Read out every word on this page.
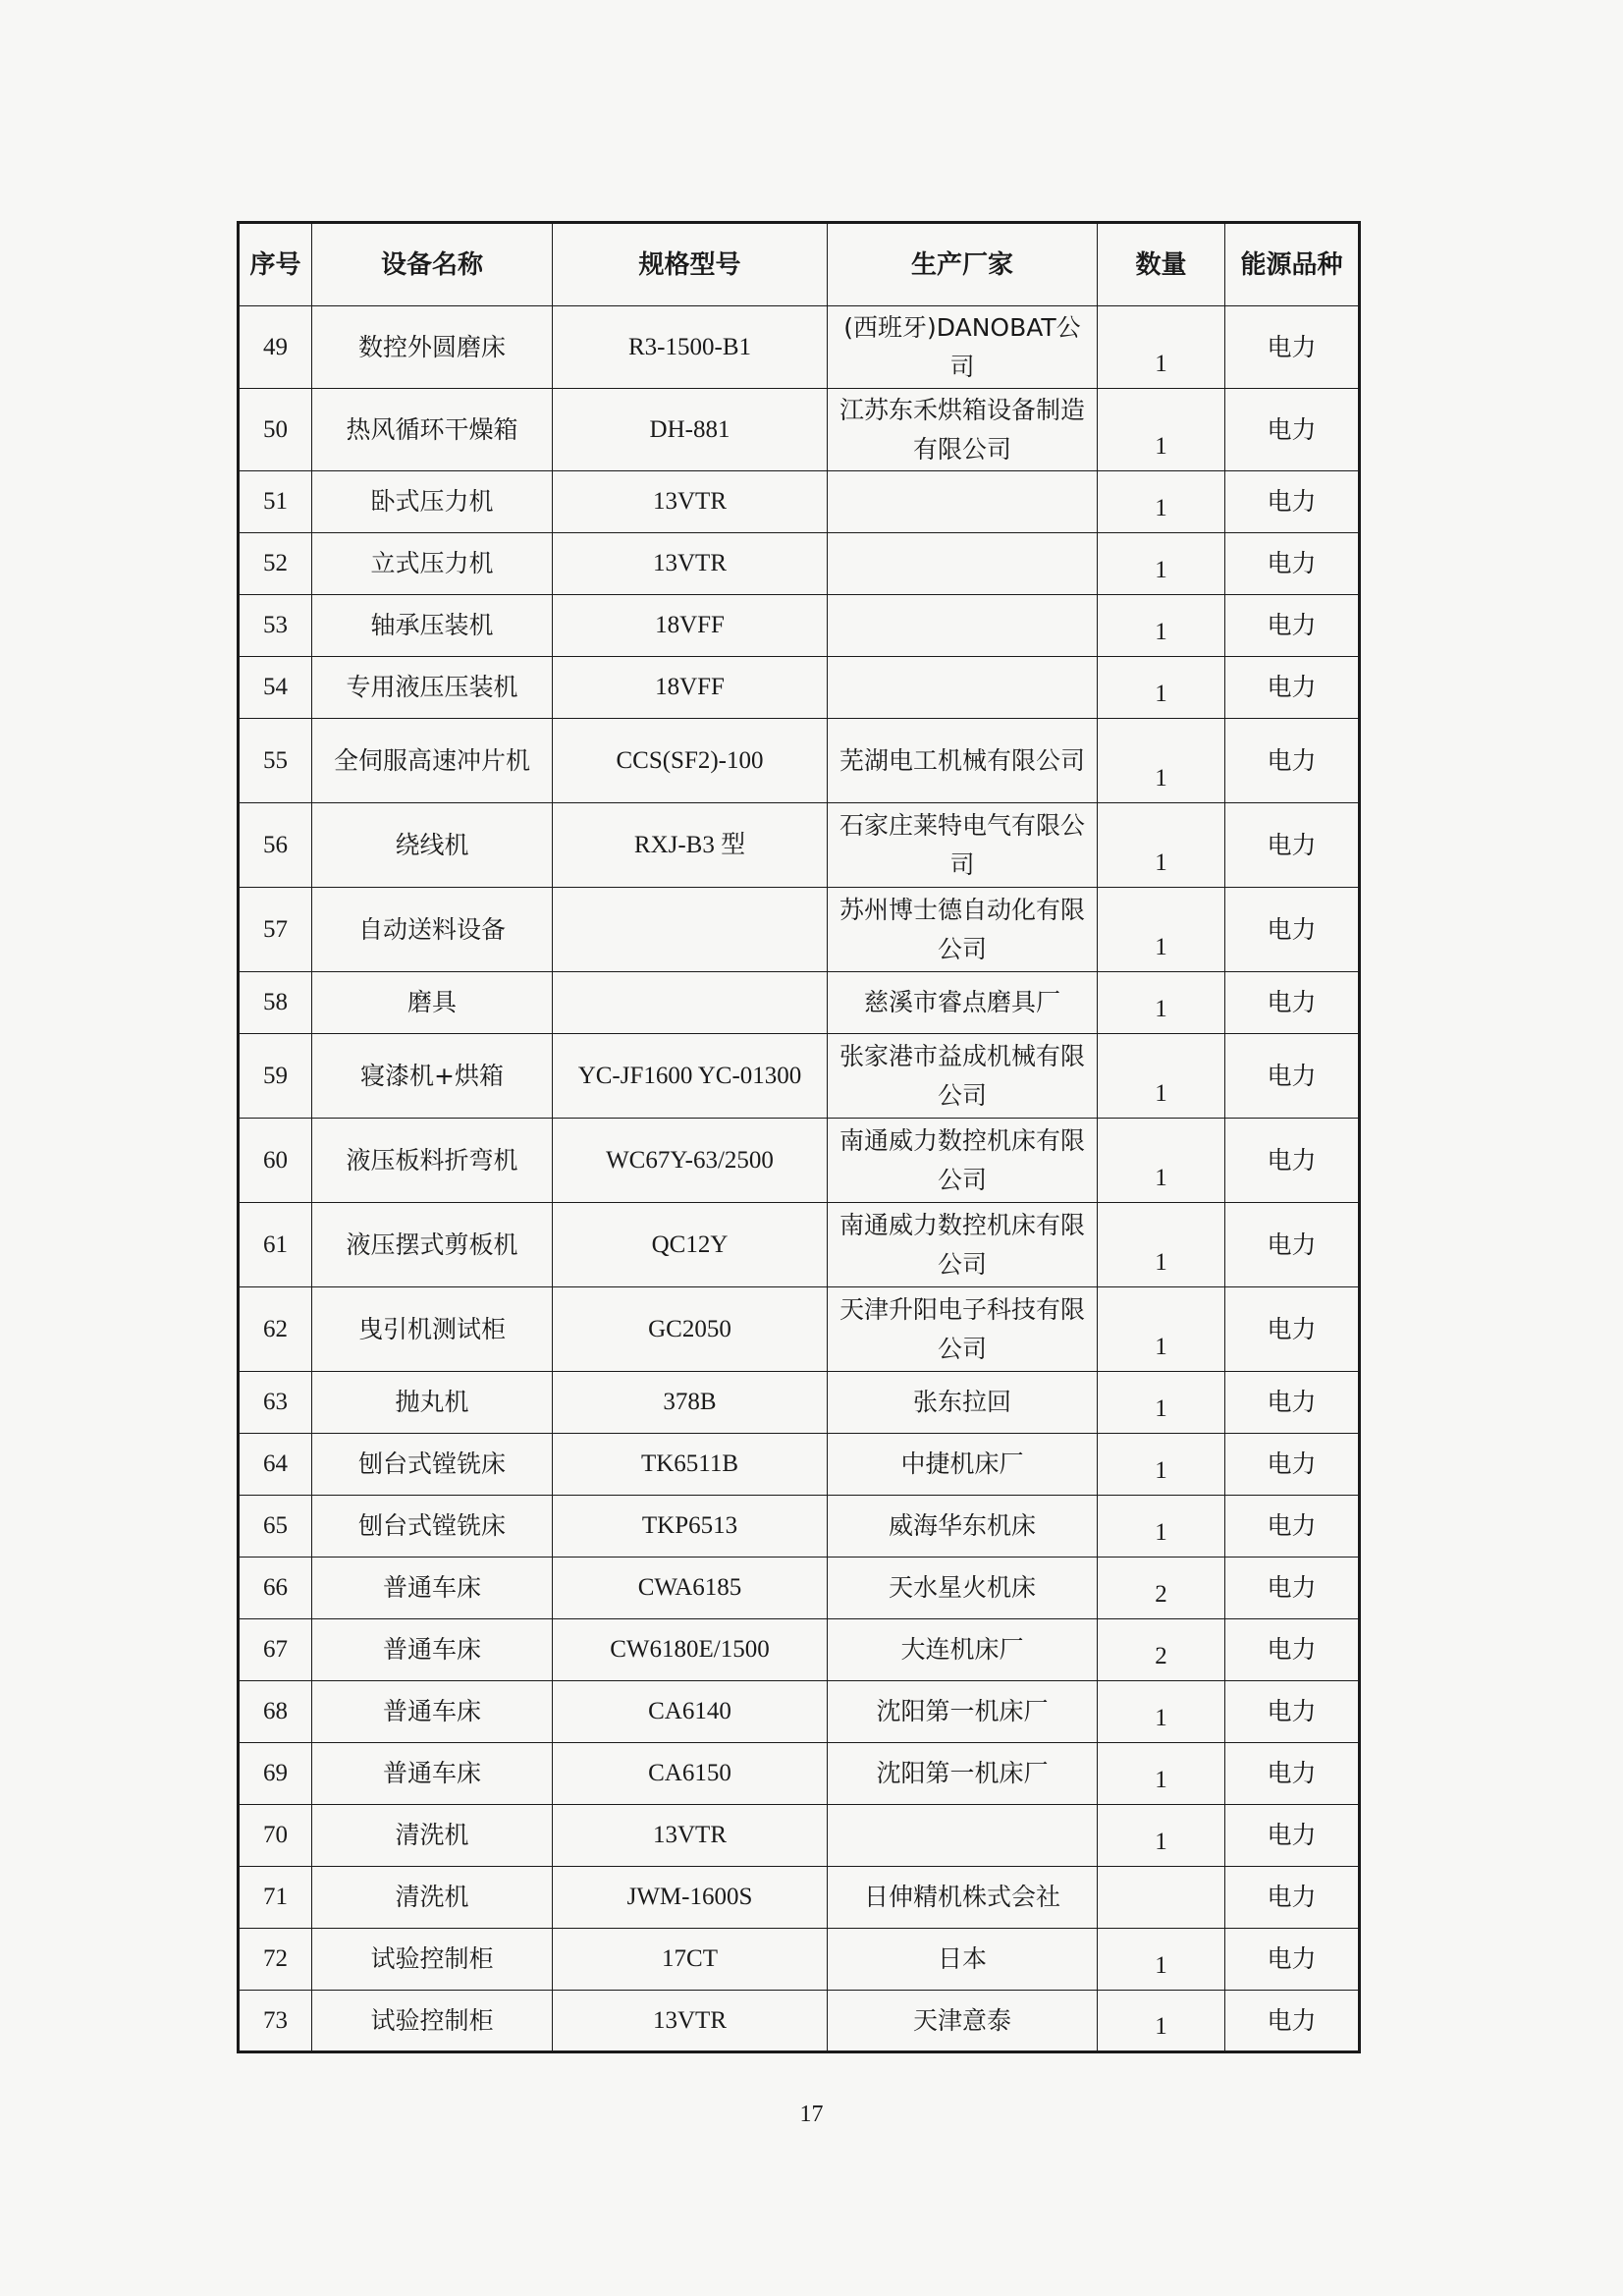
序号	设备名称	规格型号	生产厂家	数量	能源品种
49	数控外圆磨床	R3-1500-B1	(西班牙)DANOBAT公司	1	电力
50	热风循环干燥箱	DH-881	江苏东禾烘箱设备制造有限公司	1	电力
51	卧式压力机	13VTR		1	电力
52	立式压力机	13VTR		1	电力
53	轴承压装机	18VFF		1	电力
54	专用液压压装机	18VFF		1	电力
55	全伺服高速冲片机	CCS(SF2)-100	芜湖电工机械有限公司	1	电力
56	绕线机	RXJ-B3 型	石家庄莱特电气有限公司	1	电力
57	自动送料设备		苏州博士德自动化有限公司	1	电力
58	磨具		慈溪市睿点磨具厂	1	电力
59	寝漆机+烘箱	YC-JF1600 YC-01300	张家港市益成机械有限公司	1	电力
60	液压板料折弯机	WC67Y-63/2500	南通威力数控机床有限公司	1	电力
61	液压摆式剪板机	QC12Y	南通威力数控机床有限公司	1	电力
62	曳引机测试柜	GC2050	天津升阳电子科技有限公司	1	电力
63	抛丸机	378B	张东拉回	1	电力
64	刨台式镗铣床	TK6511B	中捷机床厂	1	电力
65	刨台式镗铣床	TKP6513	威海华东机床	1	电力
66	普通车床	CWA6185	天水星火机床	2	电力
67	普通车床	CW6180E/1500	大连机床厂	2	电力
68	普通车床	CA6140	沈阳第一机床厂	1	电力
69	普通车床	CA6150	沈阳第一机床厂	1	电力
70	清洗机	13VTR		1	电力
71	清洗机	JWM-1600S	日伸精机株式会社		电力
72	试验控制柜	17CT	日本	1	电力
73	试验控制柜	13VTR	天津意泰	1	电力
17
